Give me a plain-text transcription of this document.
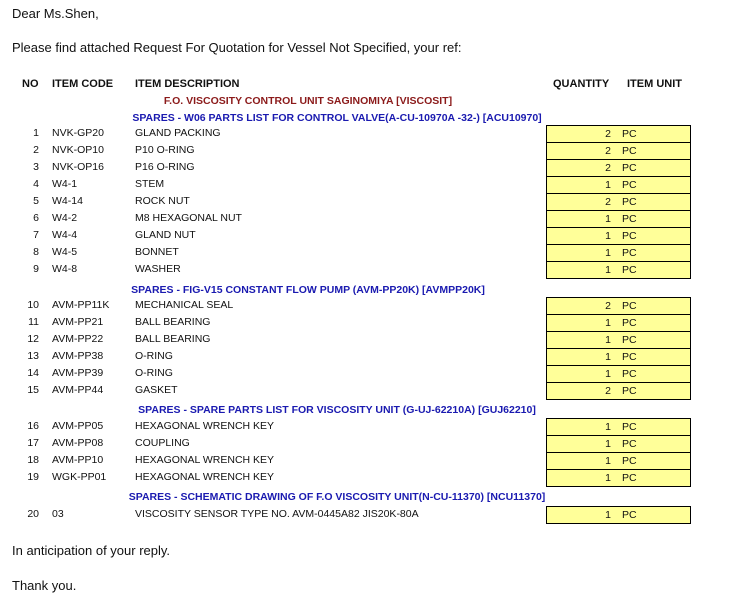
Dear Ms.Shen,

Please find attached Request For Quotation for Vessel Not Specified, your ref:

NO ITEM CODE ITEM DESCRIPTION	QUANTITY ITEM UNIT
F.O. VISCOSITY CONTROL UNIT SAGINOMIYA [VISCOSIT]
SPARES - W06 PARTS LIST FOR CONTROL VALVE(A-CU-10970A -32-) [ACU10970]
1 NVK-GP20	GLAND PACKING	2	PC
2 NVK-OP10	P10 O-RING	2	PC
3 NVK-OP16	P16 O-RING	2	PC
4 W4-1	STEM	1	PC
5 W4-14	ROCK NUT	2	PC
6 W4-2	M8 HEXAGONAL NUT	1	PC
7 W4-4	GLAND NUT	1	PC
8 W4-5	BONNET	1	PC
9 W4-8	WASHER	1	PC
SPARES - FIG-V15 CONSTANT FLOW PUMP (AVM-PP20K) [AVMPP20K]
10 AVM-PP11K MECHANICAL SEAL	2	PC
11 AVM-PP21	BALL BEARING	1	PC
12 AVM-PP22	BALL BEARING	1	PC
13 AVM-PP38	O-RING	1	PC
14 AVM-PP39	O-RING	1	PC
15 AVM-PP44	GASKET	2	PC
SPARES - SPARE PARTS LIST FOR VISCOSITY UNIT (G-UJ-62210A) [GUJ62210]
16 AVM-PP05	HEXAGONAL WRENCH KEY	1	PC
17 AVM-PP08	COUPLING	1	PC
18 AVM-PP10	HEXAGONAL WRENCH KEY	1	PC
19 WGK-PP01	HEXAGONAL WRENCH KEY	1	PC
SPARES - SCHEMATIC DRAWING OF F.O VISCOSITY UNIT(N-CU-11370) [NCU11370]
20 03	VISCOSITY SENSOR TYPE NO. AVM-0445A82 JIS20K-80A	1	PC

In anticipation of your reply.

Thank you.
